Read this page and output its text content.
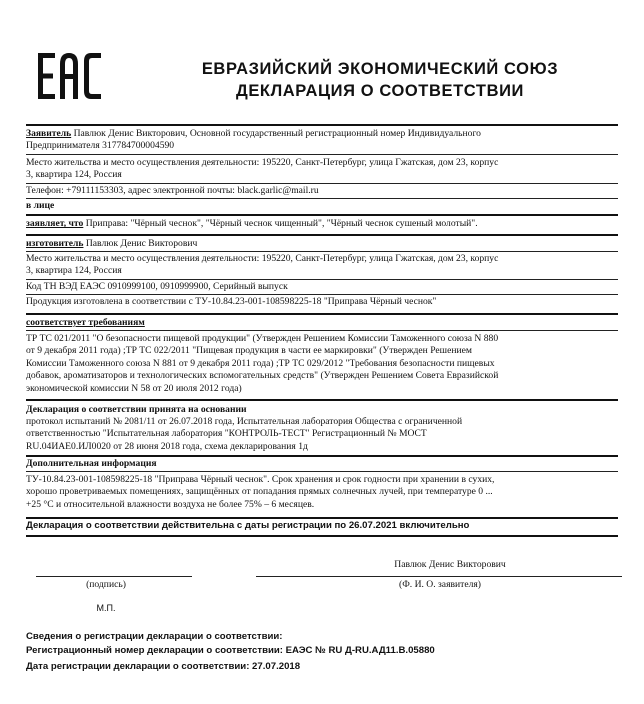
ЕВРАЗИЙСКИЙ ЭКОНОМИЧЕСКИЙ СОЮЗ
ДЕКЛАРАЦИЯ О СООТВЕТСТВИИ
Заявитель Павлюк Денис Викторович, Основной государственный регистрационный номер Индивидуального
Предпринимателя 317784700004590
Место жительства и место осуществления деятельности: 195220, Санкт-Петербург, улица Гжатская, дом 23, корпус
3, квартира 124, Россия
Телефон: +79111153303, адрес электронной почты: black.garlic@mail.ru
в лице
заявляет, что Приправа: "Чёрный чеснок", "Чёрный чеснок чищенный", "Чёрный чеснок сушеный молотый".
изготовитель Павлюк Денис Викторович
Место жительства и место осуществления деятельности: 195220, Санкт-Петербург, улица Гжатская, дом 23, корпус
3, квартира 124, Россия
Код ТН ВЭД ЕАЭС 0910999100, 0910999900, Серийный выпуск
Продукция изготовлена в соответствии с ТУ-10.84.23-001-108598225-18 "Приправа Чёрный чеснок"
соответствует требованиям
ТР ТС 021/2011 "О безопасности пищевой продукции" (Утвержден Решением Комиссии Таможенного союза N 880
от 9 декабря 2011 года) ;ТР ТС 022/2011 "Пищевая продукция в части ее маркировки" (Утвержден Решением
Комиссии Таможенного союза N 881 от 9 декабря 2011 года) ;ТР ТС 029/2012 "Требования безопасности пищевых
добавок, ароматизаторов и технологических вспомогательных средств" (Утвержден Решением Совета Евразийской
экономической комиссии N 58 от 20 июля 2012 года)
Декларация о соответствии принята на основании
протокол испытаний № 2081/11 от 26.07.2018 года, Испытательная лаборатория Общества с ограниченной
ответственностью "Испытательная лаборатория "КОНТРОЛЬ-ТЕСТ" Регистрационный № МОСТ
RU.04ИАЕ0.ИЛ0020 от 28 июня 2018 года, схема декларирования 1д
Дополнительная информация
ТУ-10.84.23-001-108598225-18 "Приправа Чёрный чеснок". Срок хранения и срок годности при хранении в сухих,
хорошо проветриваемых помещениях, защищённых от попадания прямых солнечных лучей, при температуре 0 ...
+25 °С и относительной влажности воздуха не более 75% – 6 месяцев.
Декларация о соответствии действительна с даты регистрации по 26.07.2021 включительно
Павлюк Денис Викторович
(подпись)	(Ф. И. О. заявителя)
М.П.
Сведения о регистрации декларации о соответствии:
Регистрационный номер декларации о соответствии: ЕАЭС № RU Д-RU.АД11.В.05880
Дата регистрации декларации о соответствии: 27.07.2018
